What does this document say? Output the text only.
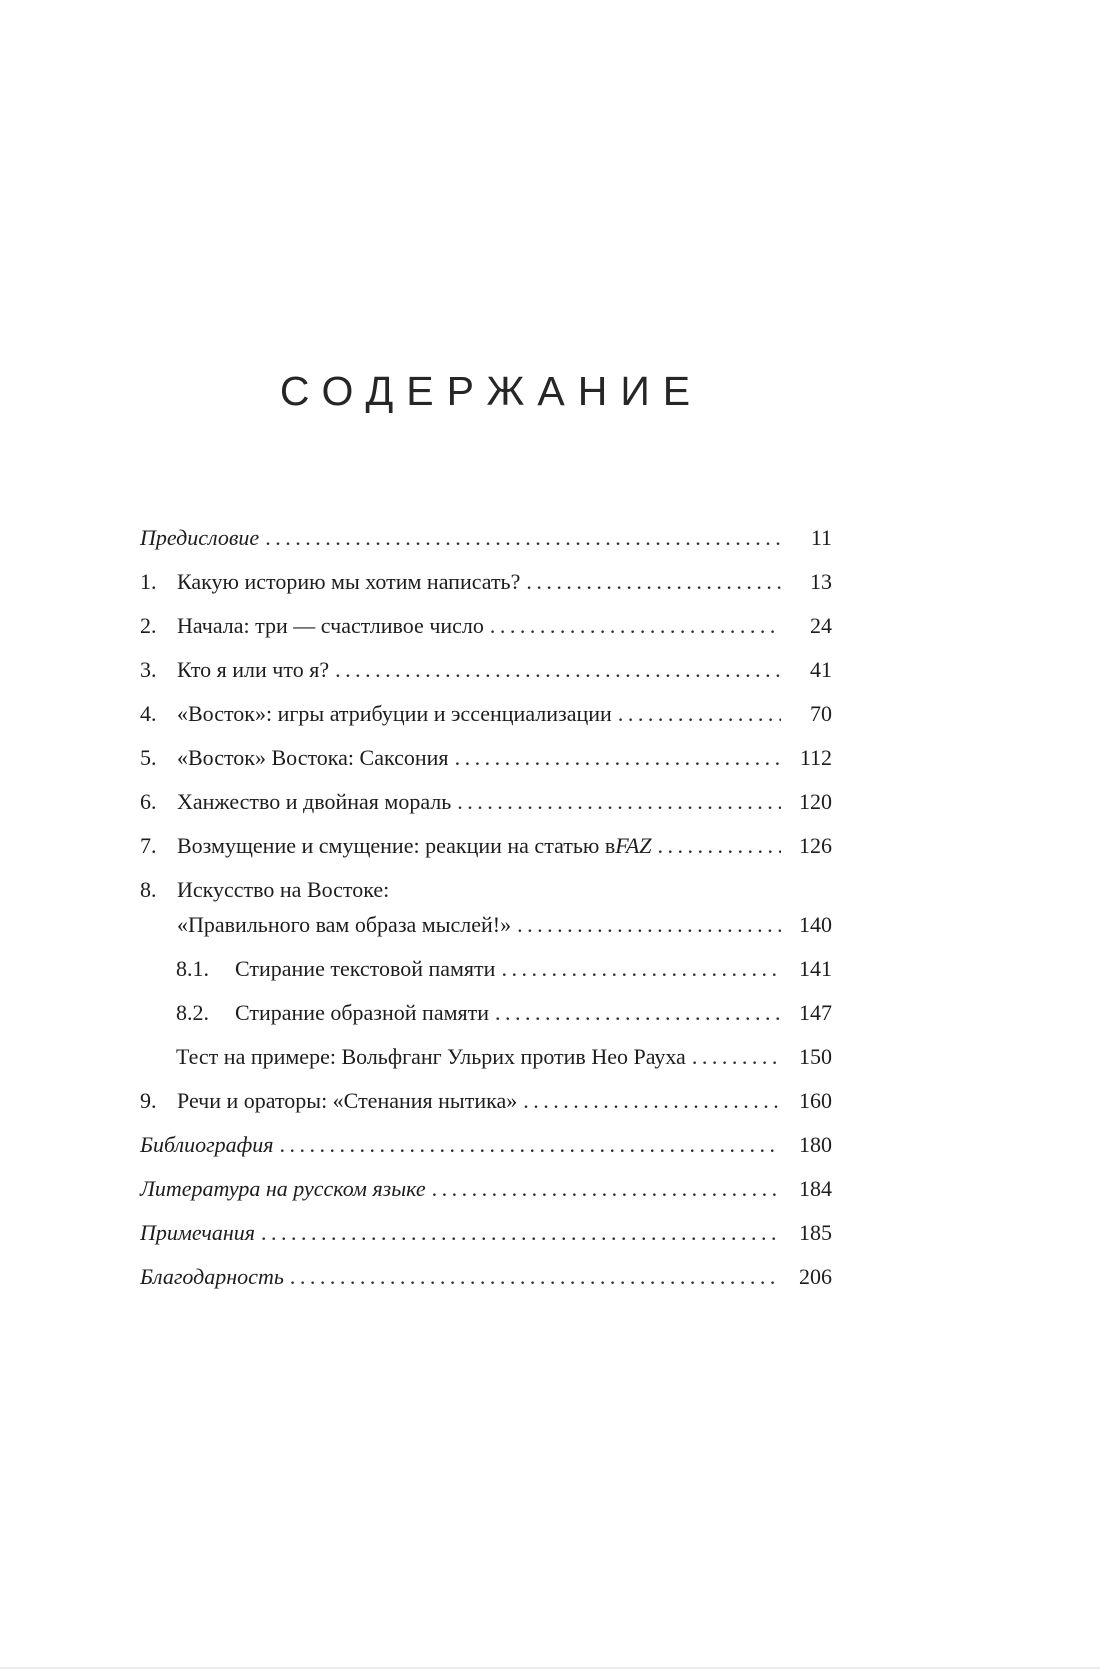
СОДЕРЖАНИЕ
Предисловие .....	11
1. Какую историю мы хотим написать? .....	13
2. Начала: три — счастливое число .....	24
3. Кто я или что я? .....	41
4. «Восток»: игры атрибуции и эссенциализации .....	70
5. «Восток» Востока: Саксония .....	112
6. Ханжество и двойная мораль .....	120
7. Возмущение и смущение: реакции на статью в FAZ .....	126
8. Искусство на Востоке:
«Правильного вам образа мыслей!» .....	140
8.1.	Стирание текстовой памяти .....	141
8.2.	Стирание образной памяти .....	147
Тест на примере: Вольфганг Ульрих против Нео Рауха .....	150
9. Речи и ораторы: «Стенания нытика» .....	160
Библиография .....	180
Литература на русском языке .....	184
Примечания .....	185
Благодарность .....	206
